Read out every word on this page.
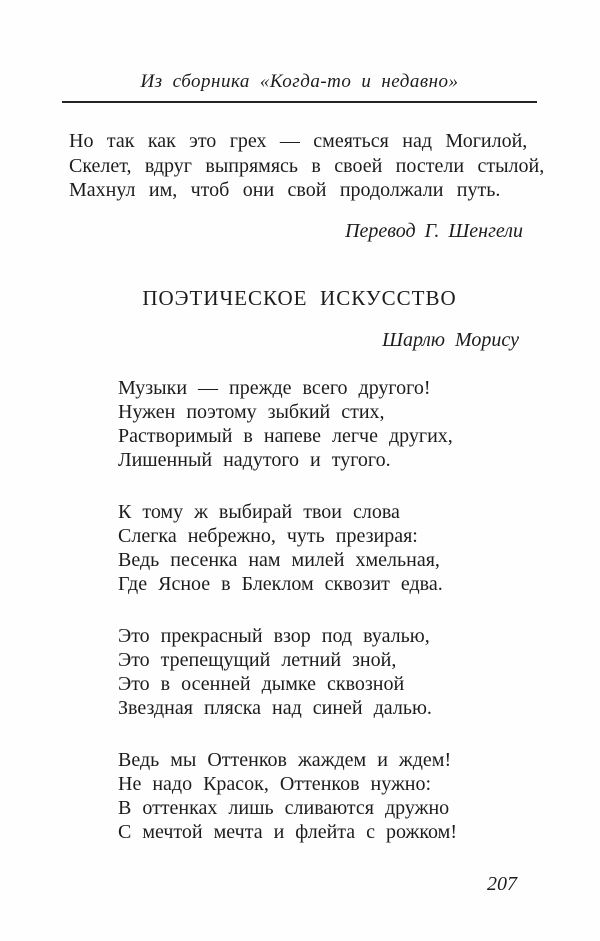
Из сборника «Когда-то и недавно»
Но так как это грех — смеяться над Могилой,
Скелет, вдруг выпрямясь в своей постели стылой,
Махнул им, чтоб они свой продолжали путь.
Перевод Г. Шенгели
ПОЭТИЧЕСКОЕ ИСКУССТВО
Шарлю Морису
Музыки — прежде всего другого!
Нужен поэтому зыбкий стих,
Растворимый в напеве легче других,
Лишенный надутого и тугого.
К тому ж выбирай твои слова
Слегка небрежно, чуть презирая:
Ведь песенка нам милей хмельная,
Где Ясное в Блеклом сквозит едва.
Это прекрасный взор под вуалью,
Это трепещущий летний зной,
Это в осенней дымке сквозной
Звездная пляска над синей далью.
Ведь мы Оттенков жаждем и ждем!
Не надо Красок, Оттенков нужно:
В оттенках лишь сливаются дружно
С мечтой мечта и флейта с рожком!
207
